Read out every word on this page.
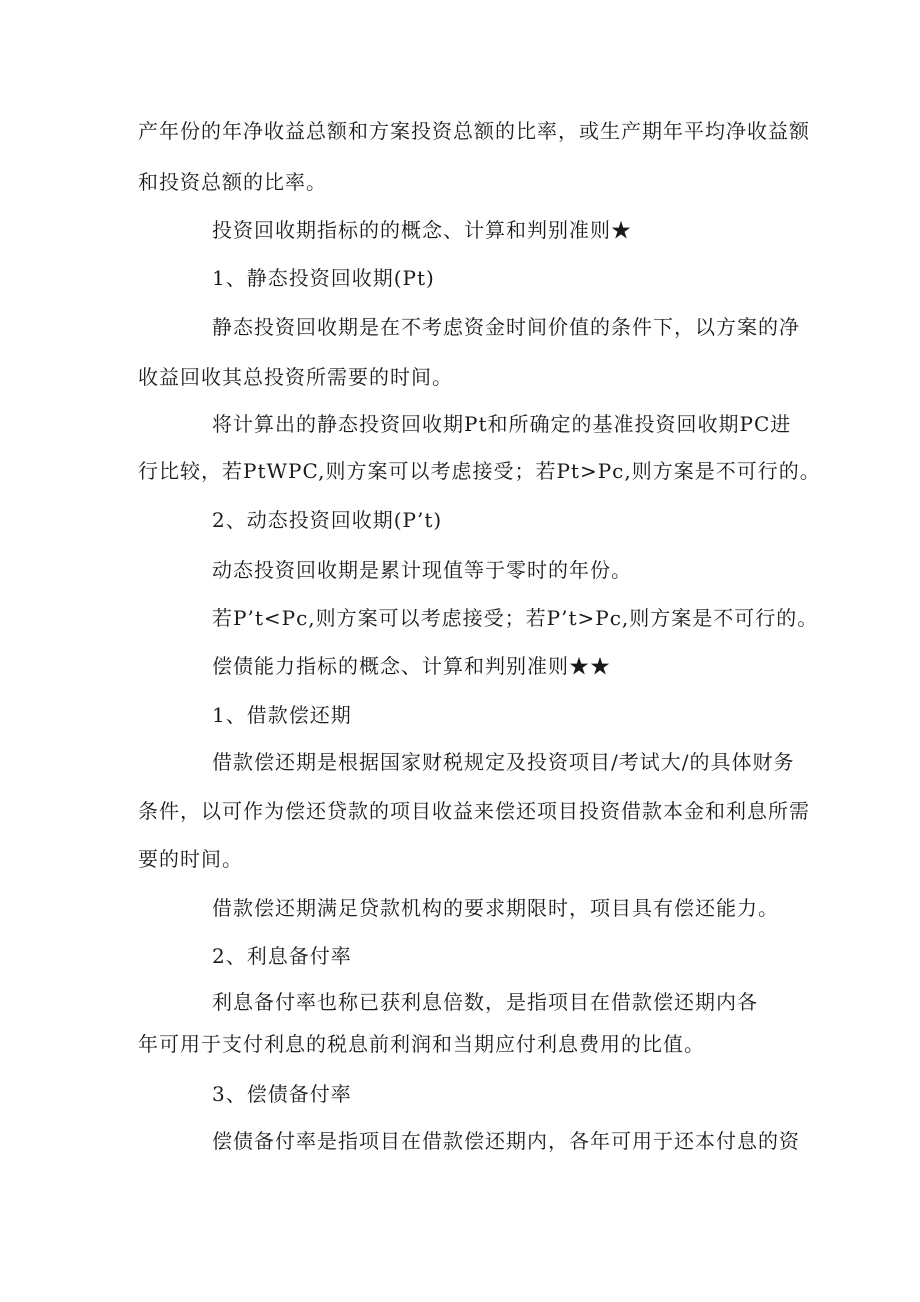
产年份的年净收益总额和方案投资总额的比率，或生产期年平均净收益额
和投资总额的比率。
投资回收期指标的的概念、计算和判别准则★
1、静态投资回收期(Pt)
静态投资回收期是在不考虑资金时间价值的条件下，以方案的净
收益回收其总投资所需要的时间。
将计算出的静态投资回收期Pt和所确定的基准投资回收期PC进
行比较，若PtWPC,则方案可以考虑接受；若Pt>Pc,则方案是不可行的。
2、动态投资回收期(P’t)
动态投资回收期是累计现值等于零时的年份。
若P’t<Pc,则方案可以考虑接受；若P’t>Pc,则方案是不可行的。
偿债能力指标的概念、计算和判别准则★★
1、借款偿还期
借款偿还期是根据国家财税规定及投资项目/考试大/的具体财务
条件，以可作为偿还贷款的项目收益来偿还项目投资借款本金和利息所需
要的时间。
借款偿还期满足贷款机构的要求期限时，项目具有偿还能力。
2、利息备付率
利息备付率也称已获利息倍数，是指项目在借款偿还期内各
年可用于支付利息的税息前利润和当期应付利息费用的比值。
3、偿债备付率
偿债备付率是指项目在借款偿还期内，各年可用于还本付息的资
